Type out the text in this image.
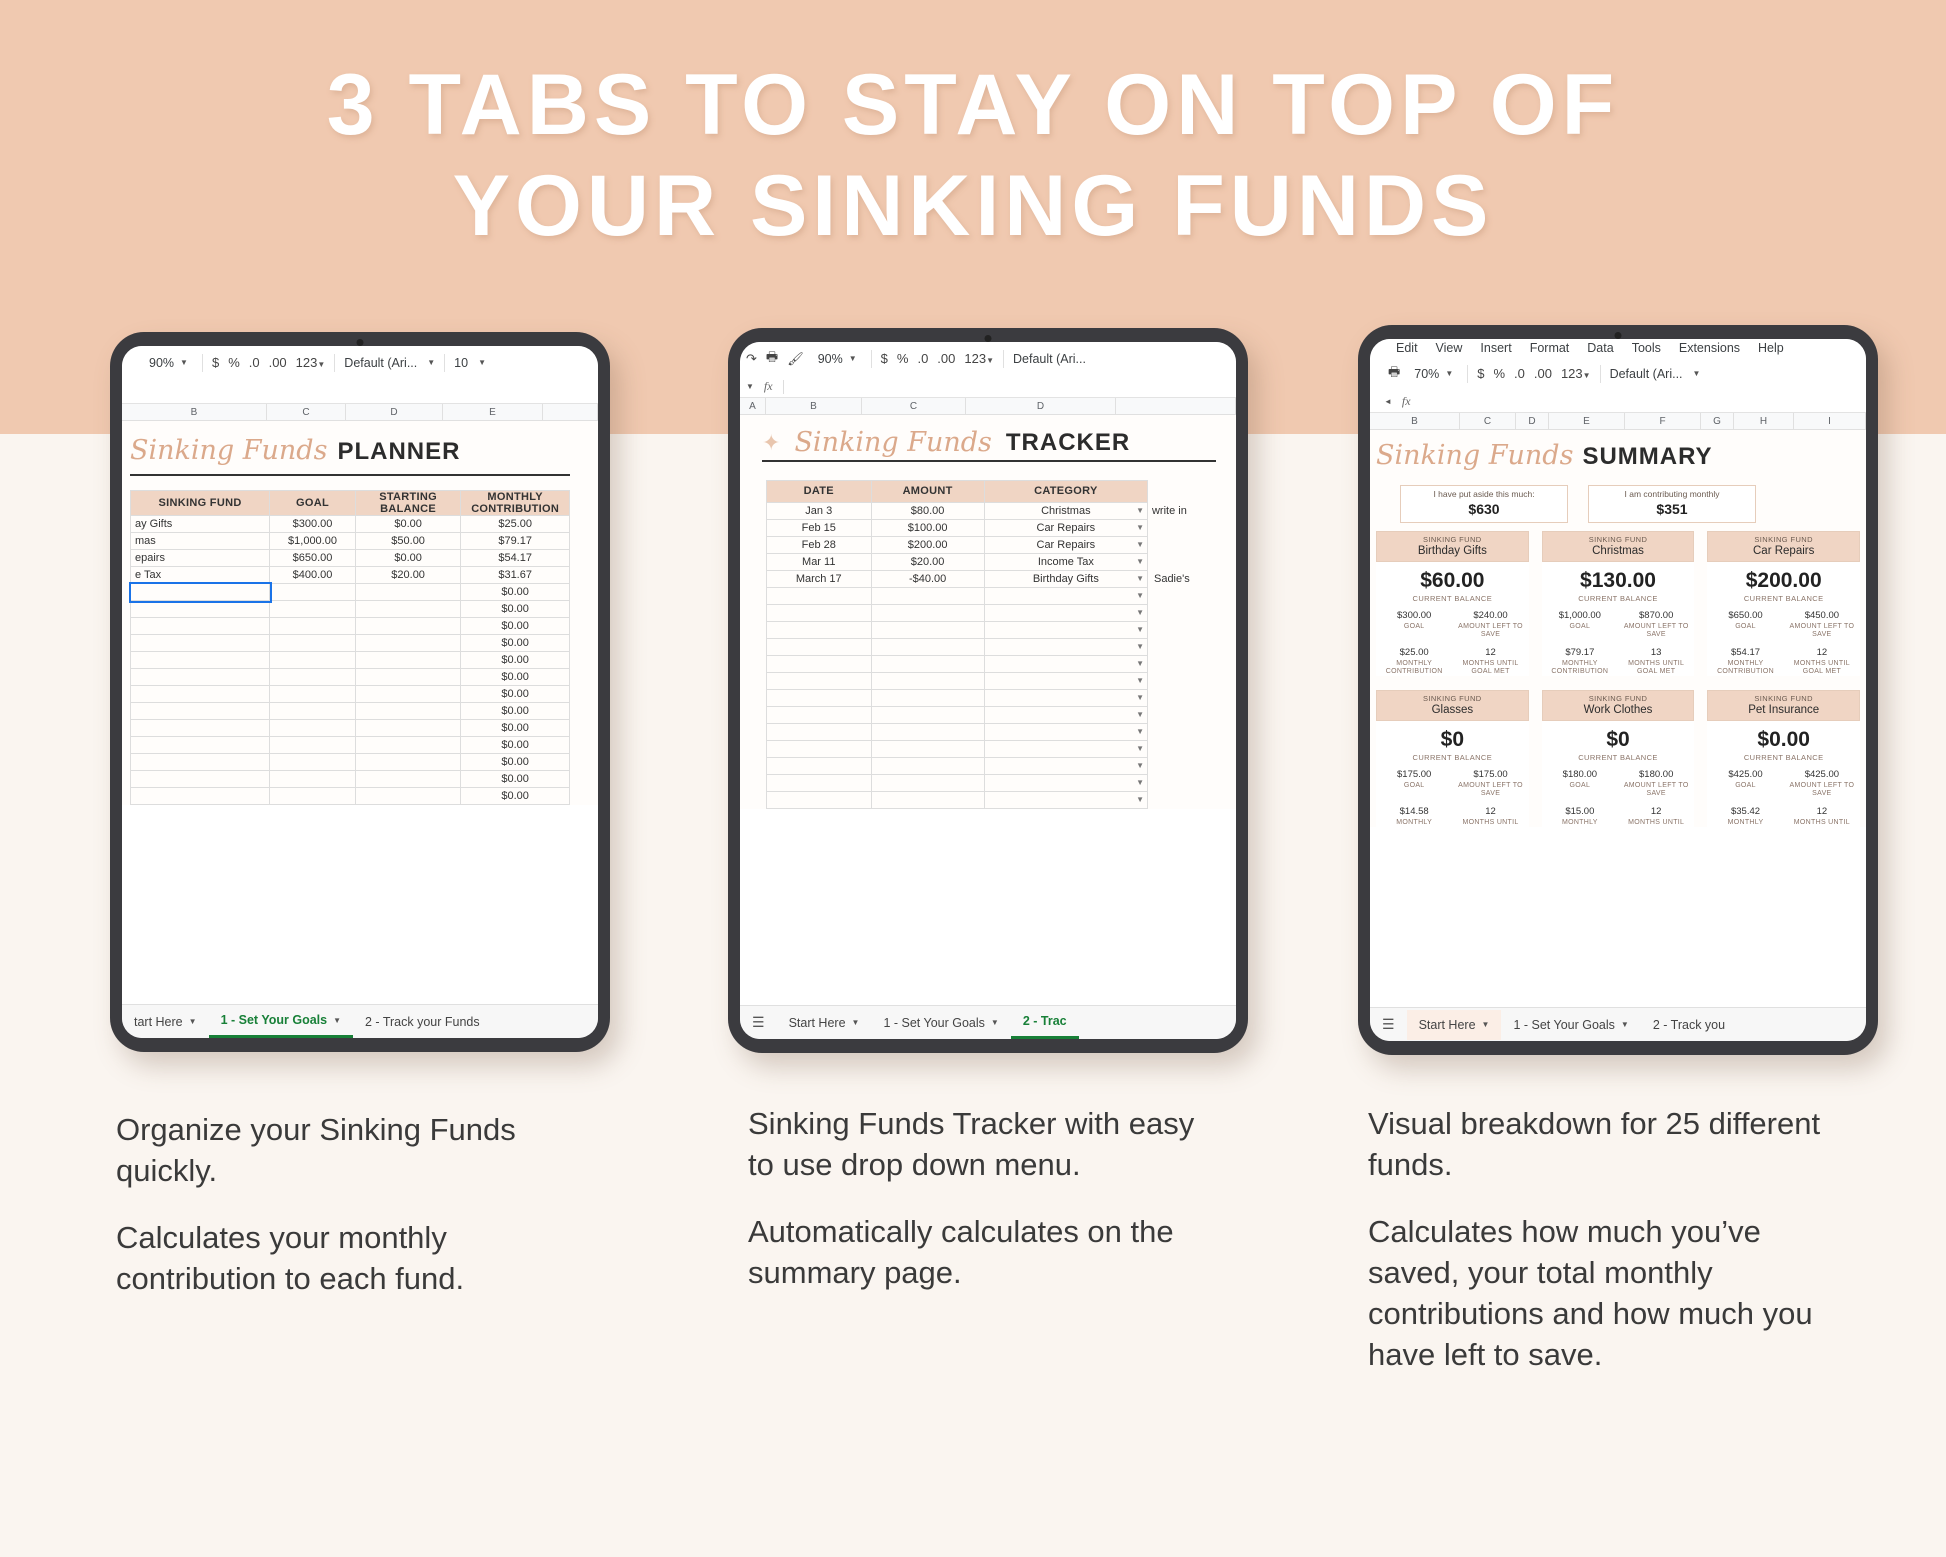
3 TABS TO STAY ON TOP OF
YOUR SINKING FUNDS
90% ▼ $ % .0 .00 123▼ Default (Ari... ▼ 10 ▼
B	C	D	E
Sinking Funds PLANNER
SINKING FUND	GOAL	STARTING BALANCE	MONTHLY CONTRIBUTION
ay Gifts	$300.00	$0.00	$25.00
mas	$1,000.00	$50.00	$79.17
epairs	$650.00	$0.00	$54.17
e Tax	$400.00	$20.00	$31.67
			$0.00
			$0.00
			$0.00
			$0.00
			$0.00
			$0.00
			$0.00
			$0.00
			$0.00
			$0.00
			$0.00
			$0.00
			$0.00
tart Here ▼ 1 - Set Your Goals ▼ 2 - Track your Funds
↷ 🖶 🖌 90% ▼ $ % .0 .00 123▼ Default (Ari...
▼ fx
A	B	C	D
✦ Sinking Funds TRACKER
DATE	AMOUNT	CATEGORY	
Jan 3	$80.00	Christmas ▼	write in
Feb 15	$100.00	Car Repairs ▼	

Feb 28	$200.00	Car Repairs ▼	

Mar 11	$20.00	Income Tax ▼	

March 17	-$40.00	Birthday Gifts ▼	Sadie's

		▼	

		▼	

		▼	

		▼	

		▼	

		▼	

		▼	

		▼	

		▼	

		▼	

		▼	

		▼	

		▼	

☰	Start Here ▼ 1 - Set Your Goals ▼ 2 - Trac
Edit View Insert Format Data Tools Extensions Help
🖶 70% ▼ $ % .0 .00 123▼ Default (Ari... ▼
◄ fx
B	C	D	E	F	G	H	I
Sinking Funds SUMMARY
I have put aside this much:
$630
I am contributing monthly
$351
SINKING FUND
Birthday Gifts
$60.00
CURRENT BALANCE
$300.00
GOAL
$240.00
AMOUNT LEFT TO SAVE
$25.00
MONTHLY CONTRIBUTION
12
MONTHS UNTIL GOAL MET
SINKING FUND
Christmas
$130.00
CURRENT BALANCE
$1,000.00
GOAL
$870.00
AMOUNT LEFT TO SAVE
$79.17
MONTHLY CONTRIBUTION
13
MONTHS UNTIL GOAL MET
SINKING FUND
Car Repairs
$200.00
CURRENT BALANCE
$650.00
GOAL
$450.00
AMOUNT LEFT TO SAVE
$54.17
MONTHLY CONTRIBUTION
12
MONTHS UNTIL GOAL MET
SINKING FUND
Glasses
$0
CURRENT BALANCE
$175.00
GOAL
$175.00
AMOUNT LEFT TO SAVE
$14.58
MONTHLY
12
MONTHS UNTIL
SINKING FUND
Work Clothes
$0
CURRENT BALANCE
$180.00
GOAL
$180.00
AMOUNT LEFT TO SAVE
$15.00
MONTHLY
12
MONTHS UNTIL
SINKING FUND
Pet Insurance
$0.00
CURRENT BALANCE
$425.00
GOAL
$425.00
AMOUNT LEFT TO SAVE
$35.42
MONTHLY
12
MONTHS UNTIL
☰	Start Here ▼ 1 - Set Your Goals ▼ 2 - Track you

Organize your Sinking Funds quickly.

Calculates your monthly contribution to each fund.

Sinking Funds Tracker with easy to use drop down menu.

Automatically calculates on the summary page.

Visual breakdown for 25 different funds.

Calculates how much you’ve saved, your total monthly contributions and how much you have left to save.
